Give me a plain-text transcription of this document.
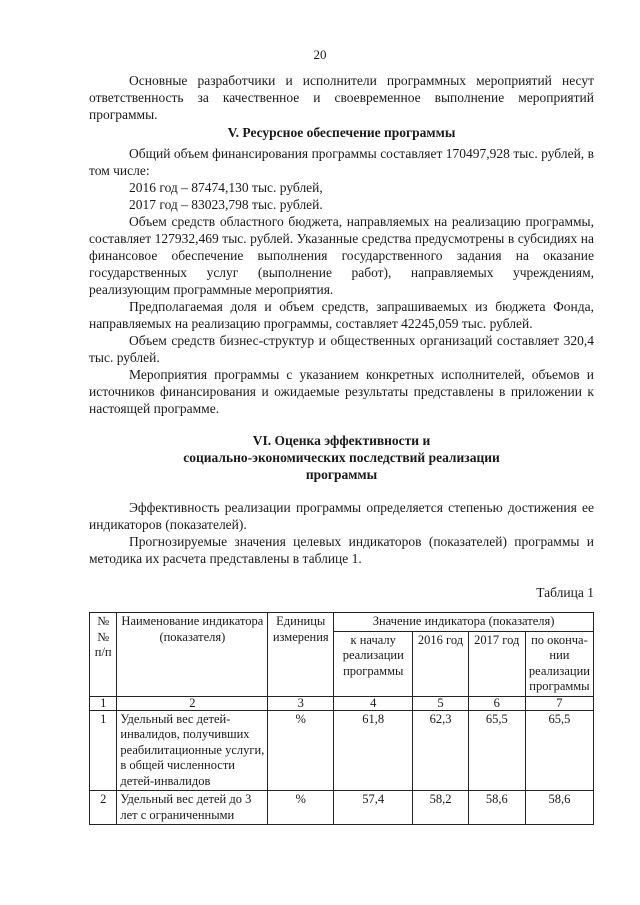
20

Основные разработчики и исполнители программных мероприятий несут ответственность за качественное и своевременное выполнение мероприятий программы.

V. Ресурсное обеспечение программы

Общий объем финансирования программы составляет 170497,928 тыс. рублей, в том числе:

2016 год – 87474,130 тыс. рублей,

2017 год – 83023,798 тыс. рублей.

Объем средств областного бюджета, направляемых на реализацию программы, составляет 127932,469 тыс. рублей. Указанные средства предусмотрены в субсидиях на финансовое обеспечение выполнения государственного задания на оказание государственных услуг (выполнение работ), направляемых учреждениям, реализующим программные мероприятия.

Предполагаемая доля и объем средств, запрашиваемых из бюджета Фонда, направляемых на реализацию программы, составляет 42245,059 тыс. рублей.

Объем средств бизнес-структур и общественных организаций составляет 320,4 тыс. рублей.

Мероприятия программы с указанием конкретных исполнителей, объемов и источников финансирования и ожидаемые результаты представлены в приложении к настоящей программе.

VI. Оценка эффективности и

социально-экономических последствий реализации

программы

Эффективность реализации программы определяется степенью достижения ее индикаторов (показателей).

Прогнозируемые значения целевых индикаторов (показателей) программы и методика их расчета представлены в таблице 1.

Таблица 1

№№ п/п	Наименование индикатора (показателя)	Единицы измерения	Значение индикатора (показателя)			
			к началу реализации программы	2016 год	2017 год	по оконча-нии реализации программы
1	2	3	4	5	6	7
1	Удельный вес детей-инвалидов, получивших реабилитационные услуги, в общей численности детей-инвалидов	%	61,8	62,3	65,5	65,5
2	Удельный вес детей до 3 лет с ограниченными	%	57,4	58,2	58,6	58,6
